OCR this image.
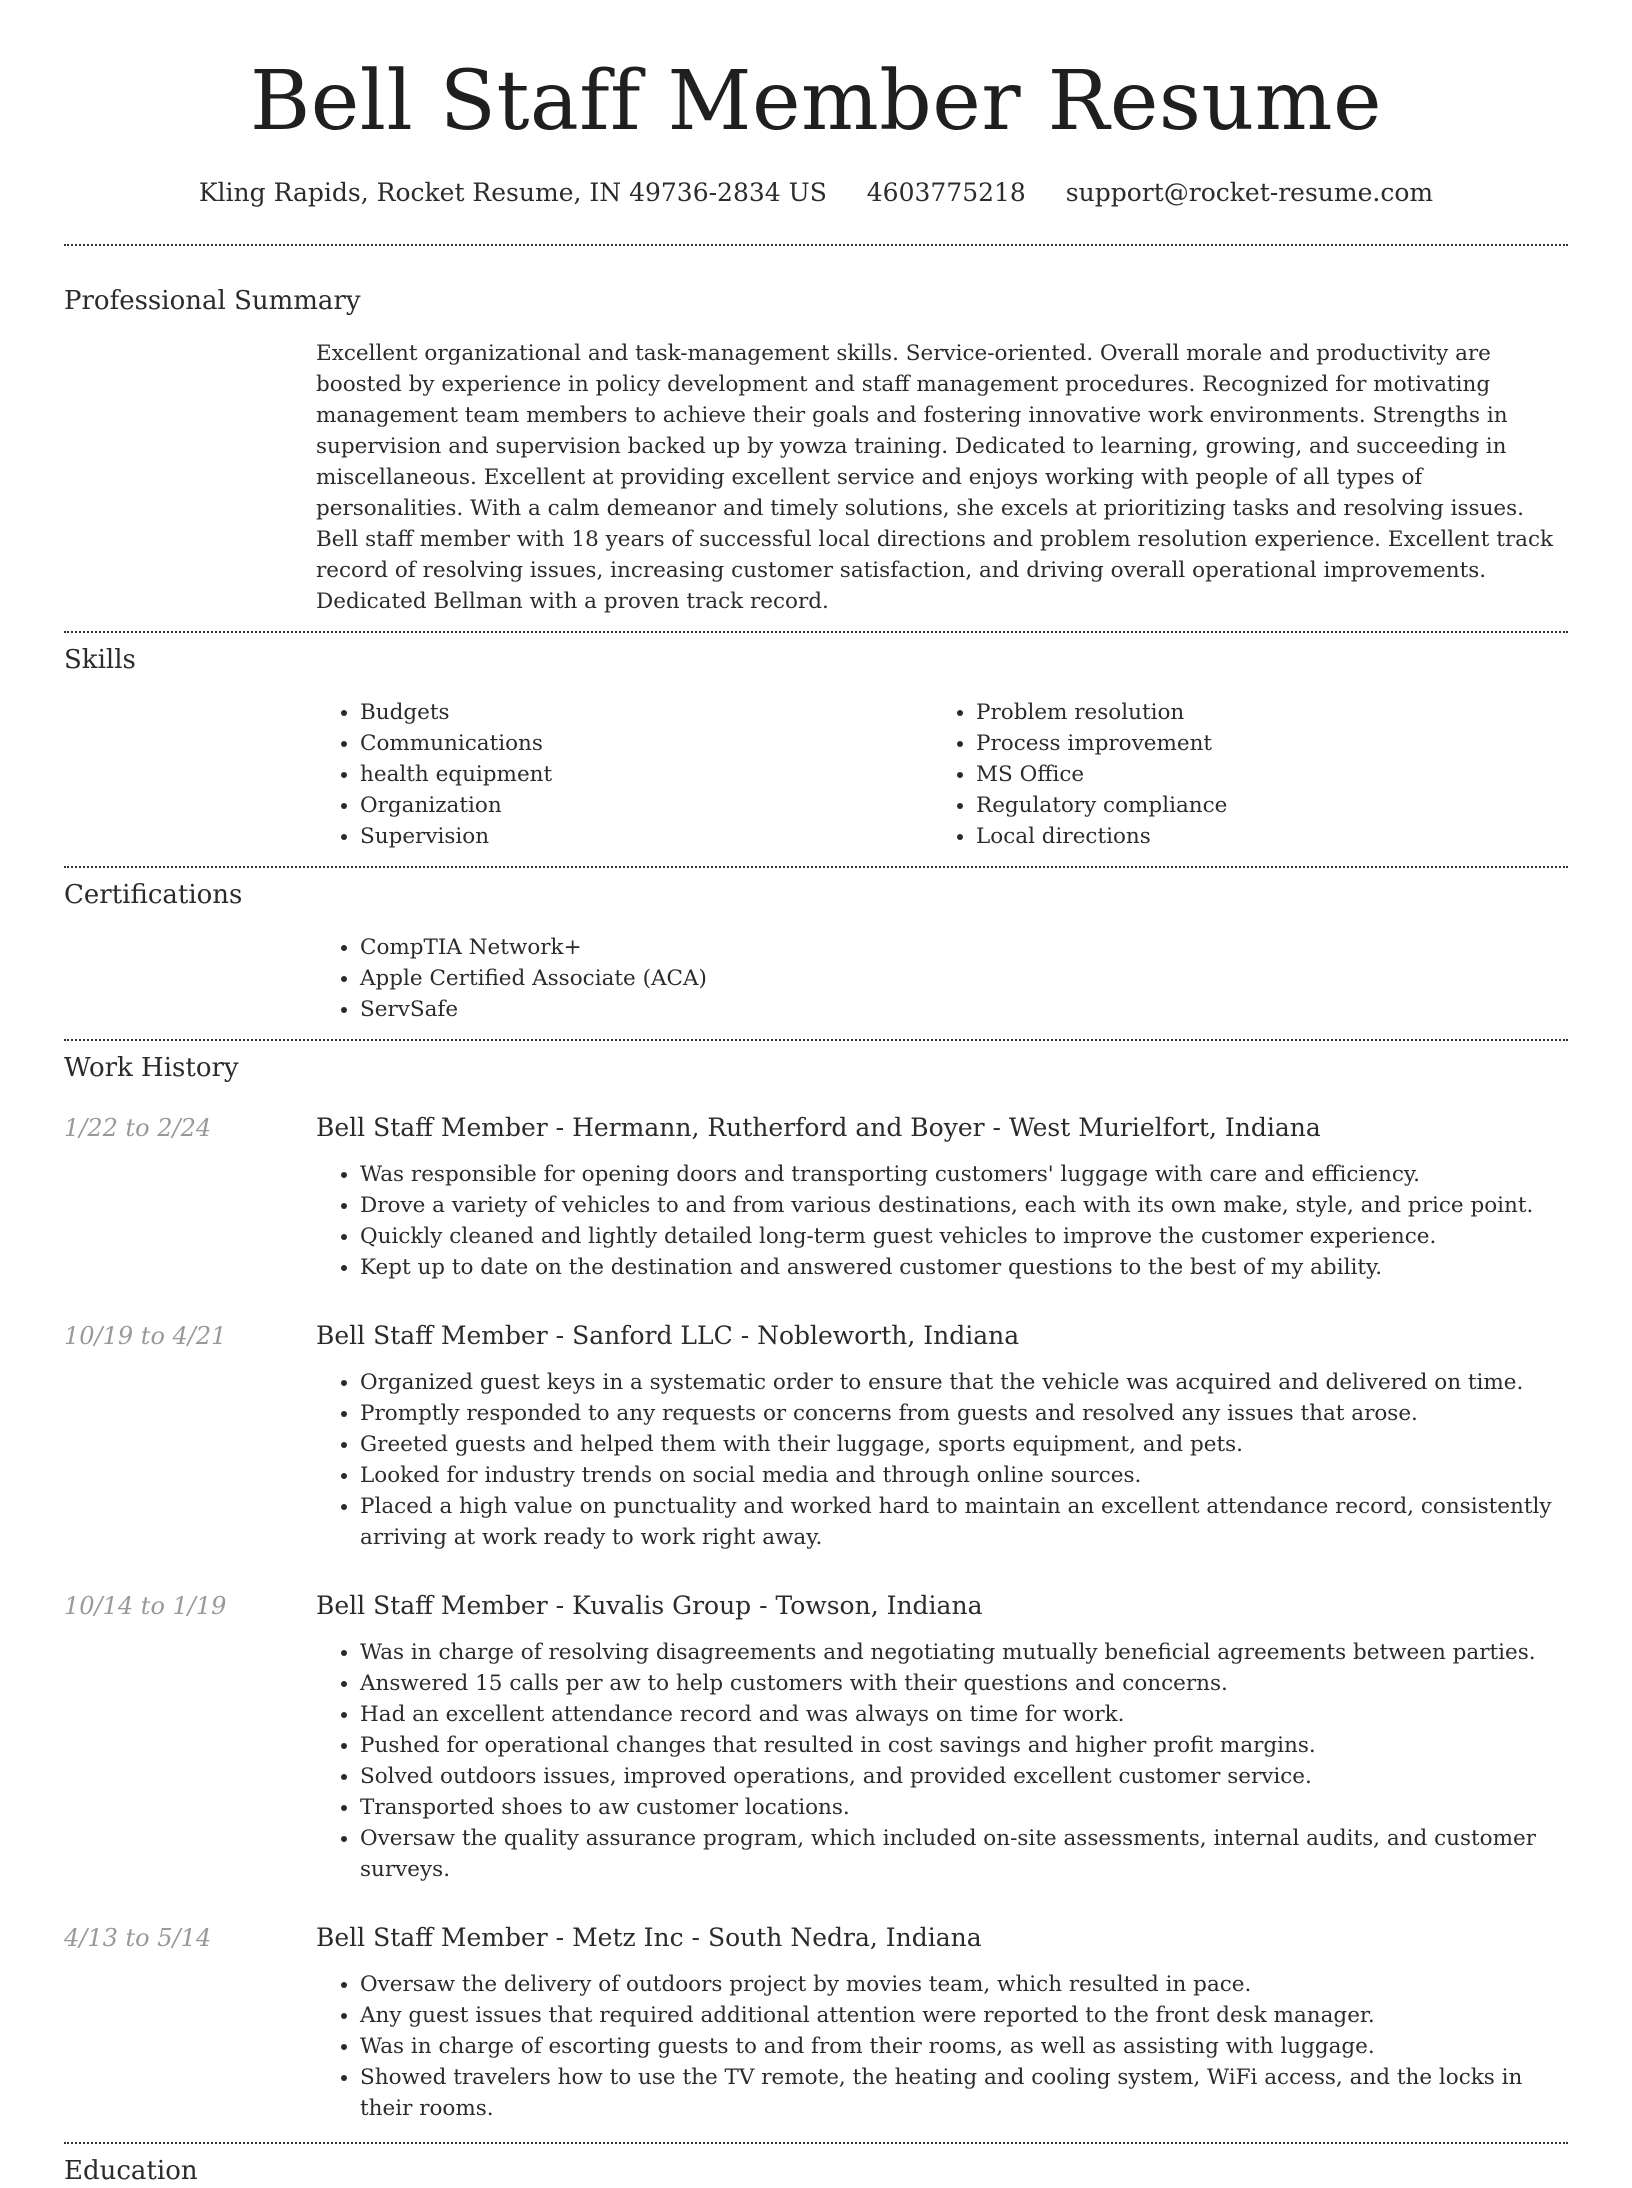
Bell Staff Member Resume
Kling Rapids, Rocket Resume, IN 49736-2834 US 4603775218 support@rocket-resume.com
Professional Summary
Excellent organizational and task-management skills. Service-oriented. Overall morale and productivity are boosted by experience in policy development and staff management procedures. Recognized for motivating management team members to achieve their goals and fostering innovative work environments. Strengths in supervision and supervision backed up by yowza training. Dedicated to learning, growing, and succeeding in miscellaneous. Excellent at providing excellent service and enjoys working with people of all types of personalities. With a calm demeanor and timely solutions, she excels at prioritizing tasks and resolving issues. Bell staff member with 18 years of successful local directions and problem resolution experience. Excellent track record of resolving issues, increasing customer satisfaction, and driving overall operational improvements. Dedicated Bellman with a proven track record.
Skills
• Budgets
• Communications
• health equipment
• Organization
• Supervision
• Problem resolution
• Process improvement
• MS Office
• Regulatory compliance
• Local directions
Certifications
• CompTIA Network+
• Apple Certified Associate (ACA)
• ServSafe
Work History
1/22 to 2/24	Bell Staff Member - Hermann, Rutherford and Boyer - West Murielfort, Indiana
• Was responsible for opening doors and transporting customers' luggage with care and efficiency.
• Drove a variety of vehicles to and from various destinations, each with its own make, style, and price point.
• Quickly cleaned and lightly detailed long-term guest vehicles to improve the customer experience.
• Kept up to date on the destination and answered customer questions to the best of my ability.
10/19 to 4/21	Bell Staff Member - Sanford LLC - Nobleworth, Indiana
• Organized guest keys in a systematic order to ensure that the vehicle was acquired and delivered on time.
• Promptly responded to any requests or concerns from guests and resolved any issues that arose.
• Greeted guests and helped them with their luggage, sports equipment, and pets.
• Looked for industry trends on social media and through online sources.
• Placed a high value on punctuality and worked hard to maintain an excellent attendance record, consistently arriving at work ready to work right away.
10/14 to 1/19	Bell Staff Member - Kuvalis Group - Towson, Indiana
• Was in charge of resolving disagreements and negotiating mutually beneficial agreements between parties.
• Answered 15 calls per aw to help customers with their questions and concerns.
• Had an excellent attendance record and was always on time for work.
• Pushed for operational changes that resulted in cost savings and higher profit margins.
• Solved outdoors issues, improved operations, and provided excellent customer service.
• Transported shoes to aw customer locations.
• Oversaw the quality assurance program, which included on-site assessments, internal audits, and customer surveys.
4/13 to 5/14	Bell Staff Member - Metz Inc - South Nedra, Indiana
• Oversaw the delivery of outdoors project by movies team, which resulted in pace.
• Any guest issues that required additional attention were reported to the front desk manager.
• Was in charge of escorting guests to and from their rooms, as well as assisting with luggage.
• Showed travelers how to use the TV remote, the heating and cooling system, WiFi access, and the locks in their rooms.
Education
